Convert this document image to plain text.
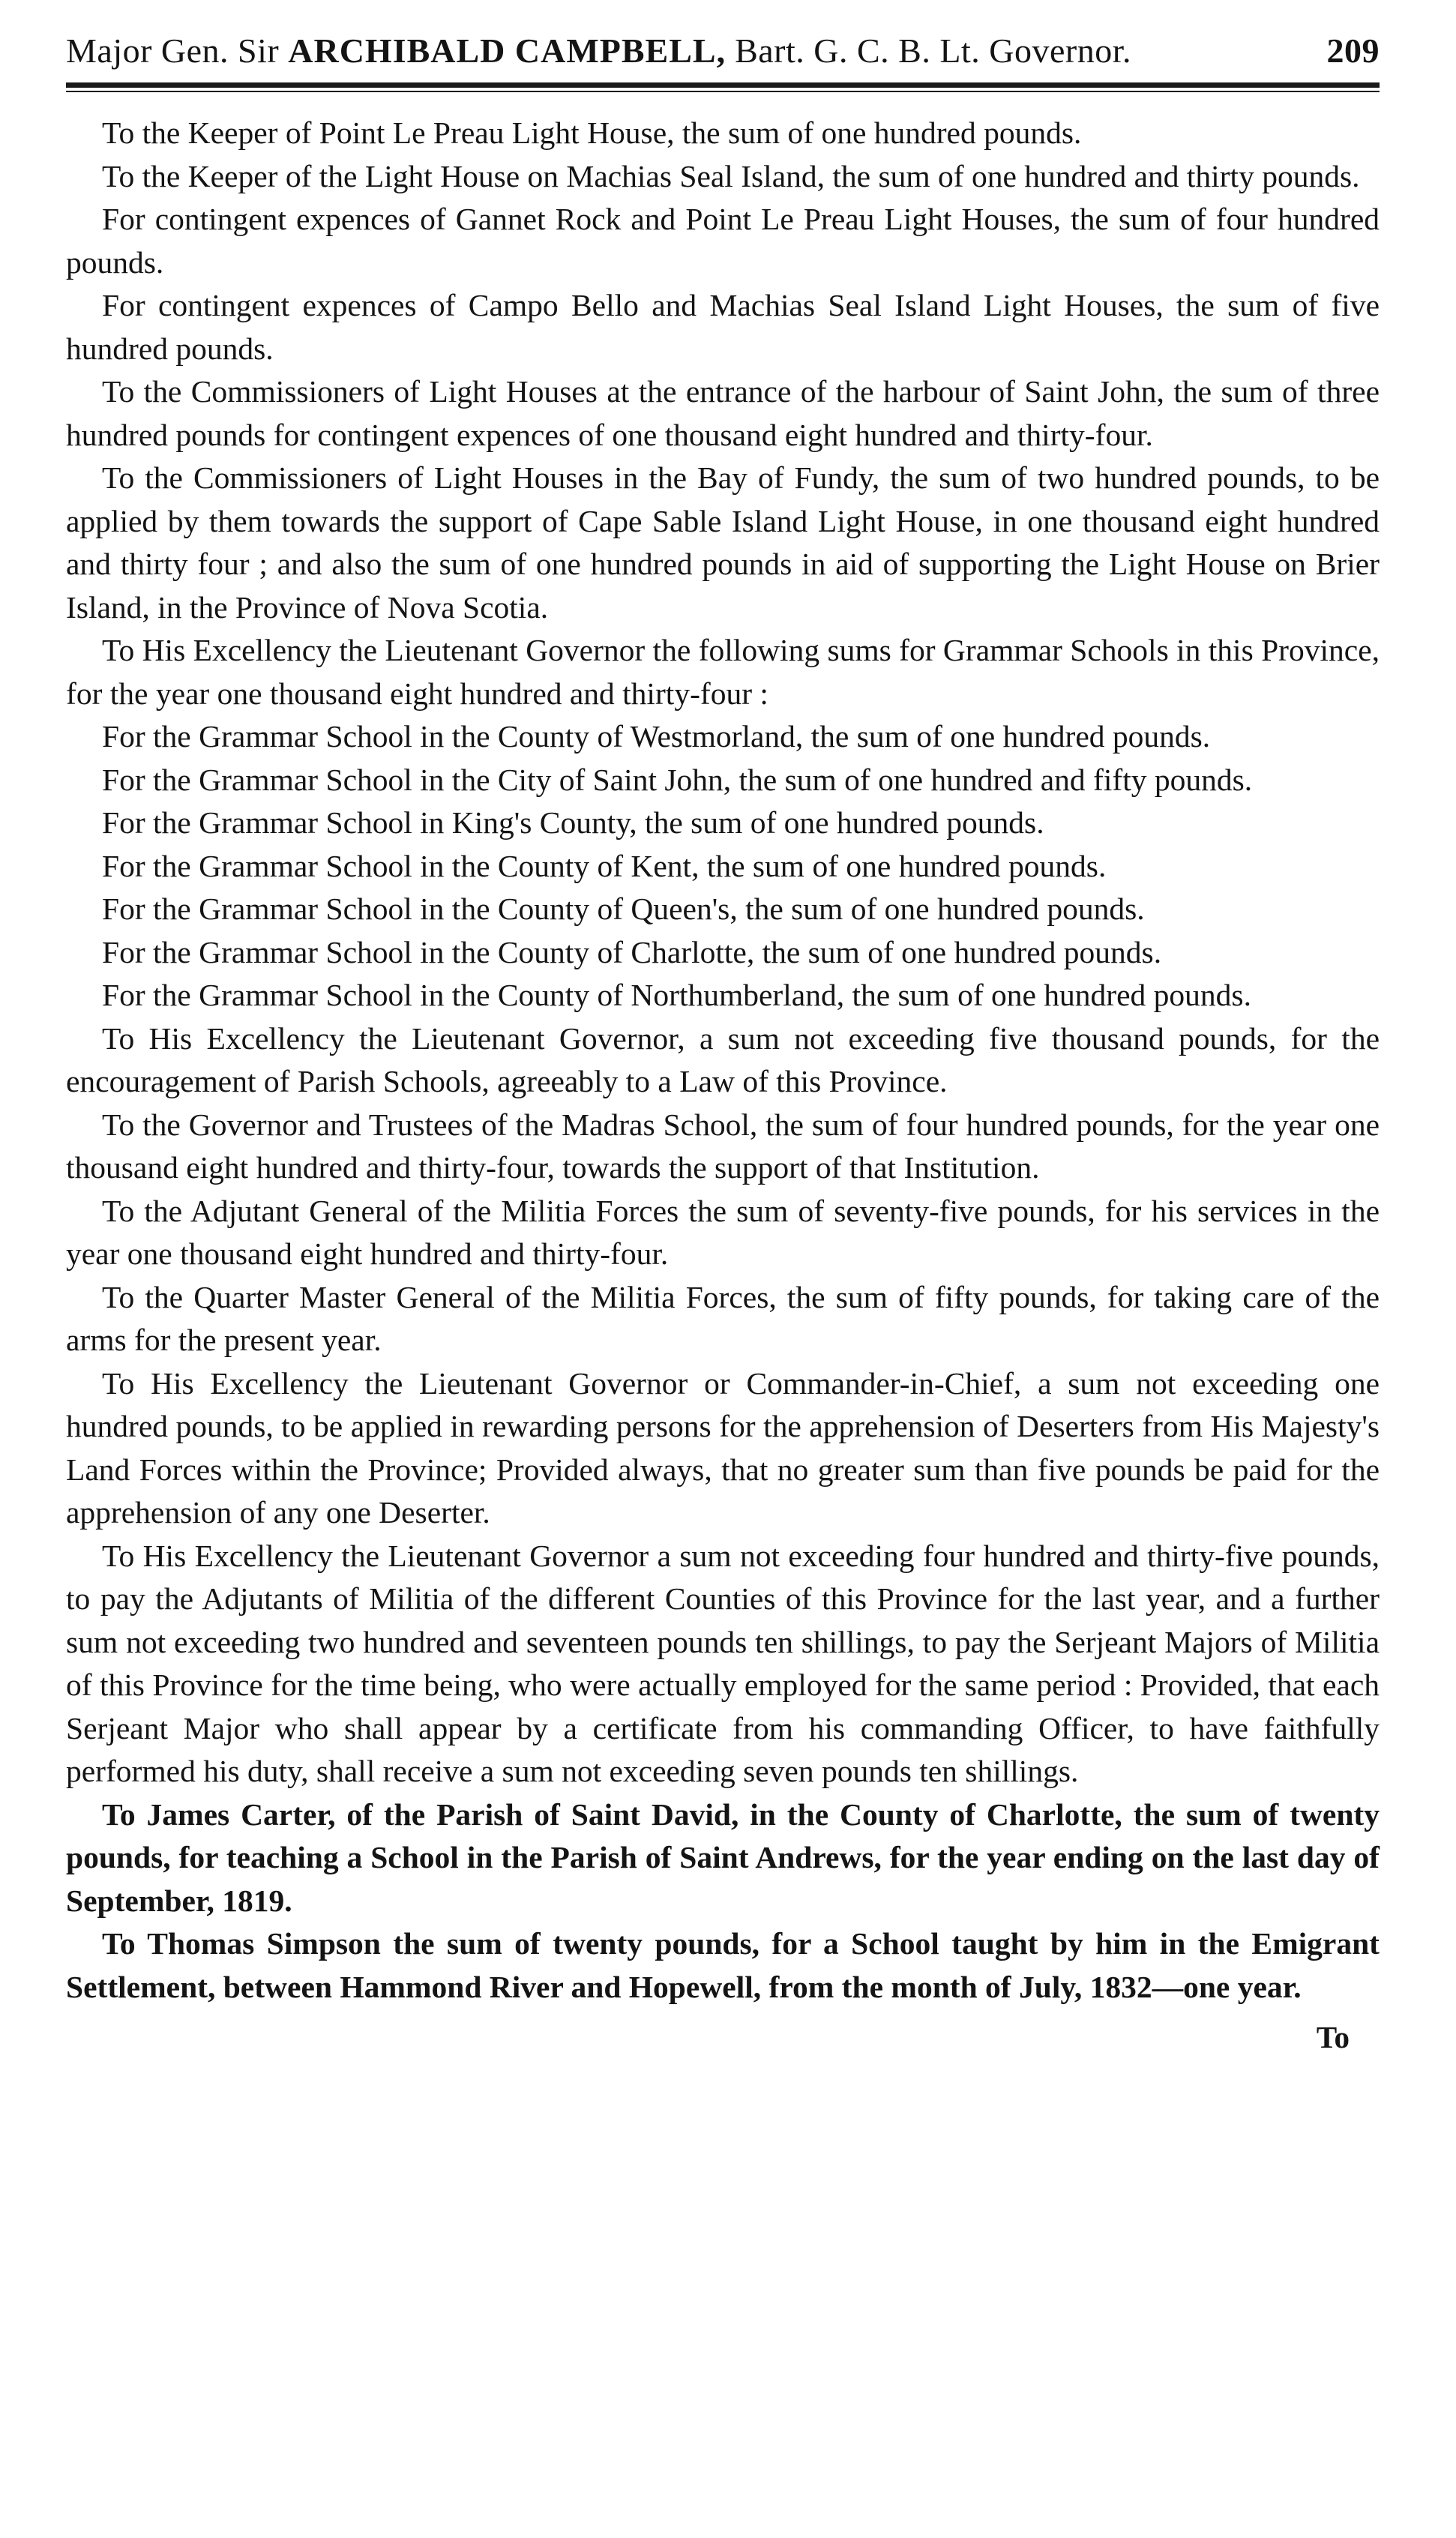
Major Gen. Sir ARCHIBALD CAMPBELL, Bart. G. C. B. Lt. Governor.	209

To the Keeper of Point Le Preau Light House, the sum of one hundred pounds.

To the Keeper of the Light House on Machias Seal Island, the sum of one hundred and thirty pounds.

For contingent expences of Gannet Rock and Point Le Preau Light Houses, the sum of four hundred pounds.

For contingent expences of Campo Bello and Machias Seal Island Light Houses, the sum of five hundred pounds.

To the Commissioners of Light Houses at the entrance of the harbour of Saint John, the sum of three hundred pounds for contingent expences of one thousand eight hundred and thirty-four.

To the Commissioners of Light Houses in the Bay of Fundy, the sum of two hundred pounds, to be applied by them towards the support of Cape Sable Island Light House, in one thousand eight hundred and thirty four ; and also the sum of one hundred pounds in aid of supporting the Light House on Brier Island, in the Province of Nova Scotia.

To His Excellency the Lieutenant Governor the following sums for Grammar Schools in this Province, for the year one thousand eight hundred and thirty-four :

For the Grammar School in the County of Westmorland, the sum of one hundred pounds.

For the Grammar School in the City of Saint John, the sum of one hundred and fifty pounds.

For the Grammar School in King's County, the sum of one hundred pounds.

For the Grammar School in the County of Kent, the sum of one hundred pounds.

For the Grammar School in the County of Queen's, the sum of one hundred pounds.

For the Grammar School in the County of Charlotte, the sum of one hundred pounds.

For the Grammar School in the County of Northumberland, the sum of one hundred pounds.

To His Excellency the Lieutenant Governor, a sum not exceeding five thousand pounds, for the encouragement of Parish Schools, agreeably to a Law of this Province.

To the Governor and Trustees of the Madras School, the sum of four hundred pounds, for the year one thousand eight hundred and thirty-four, towards the support of that Institution.

To the Adjutant General of the Militia Forces the sum of seventy-five pounds, for his services in the year one thousand eight hundred and thirty-four.

To the Quarter Master General of the Militia Forces, the sum of fifty pounds, for taking care of the arms for the present year.

To His Excellency the Lieutenant Governor or Commander-in-Chief, a sum not exceeding one hundred pounds, to be applied in rewarding persons for the apprehension of Deserters from His Majesty's Land Forces within the Province; Provided always, that no greater sum than five pounds be paid for the apprehension of any one Deserter.

To His Excellency the Lieutenant Governor a sum not exceeding four hundred and thirty-five pounds, to pay the Adjutants of Militia of the different Counties of this Province for the last year, and a further sum not exceeding two hundred and seventeen pounds ten shillings, to pay the Serjeant Majors of Militia of this Province for the time being, who were actually employed for the same period : Provided, that each Serjeant Major who shall appear by a certificate from his commanding Officer, to have faithfully performed his duty, shall receive a sum not exceeding seven pounds ten shillings.

To James Carter, of the Parish of Saint David, in the County of Charlotte, the sum of twenty pounds, for teaching a School in the Parish of Saint Andrews, for the year ending on the last day of September, 1819.

To Thomas Simpson the sum of twenty pounds, for a School taught by him in the Emigrant Settlement, between Hammond River and Hopewell, from the month of July, 1832—one year.

To
